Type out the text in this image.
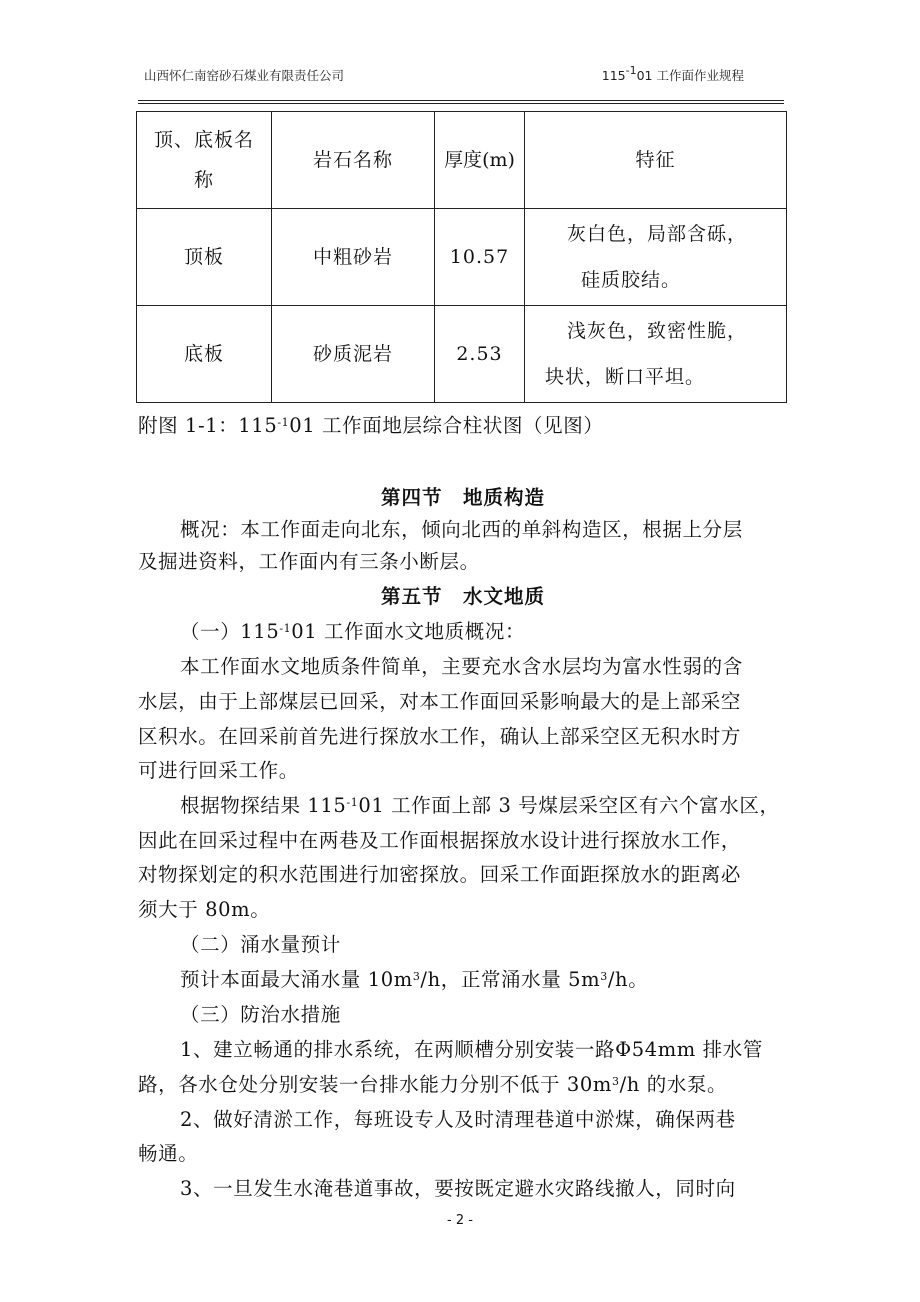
山西怀仁南窑砂石煤业有限责任公司	$115^{-1}01$ 工作面作业规程
顶、底板名
称	岩石名称	厚度(m)	特征
顶板	中粗砂岩	10.57	灰白色，局部含砾，
硅质胶结。
底板	砂质泥岩	2.53	浅灰色，致密性脆，
块状，断口平坦。
附图 1-1：$115^{-1}01$ 工作面地层综合柱状图（见图）
第四节　地质构造
概况：本工作面走向北东，倾向北西的单斜构造区，根据上分层
及掘进资料，工作面内有三条小断层。
第五节　水文地质
（一）$115^{-1}01$ 工作面水文地质概况：
本工作面水文地质条件简单，主要充水含水层均为富水性弱的含
水层，由于上部煤层已回采，对本工作面回采影响最大的是上部采空
区积水。在回采前首先进行探放水工作，确认上部采空区无积水时方
可进行回采工作。
根据物探结果 $115^{-1}01$ 工作面上部 3 号煤层采空区有六个富水区，
因此在回采过程中在两巷及工作面根据探放水设计进行探放水工作，
对物探划定的积水范围进行加密探放。回采工作面距探放水的距离必
须大于 80m。
（二）涌水量预计
预计本面最大涌水量 $10m^3/h$，正常涌水量 $5m^3/h$。
（三）防治水措施
1、建立畅通的排水系统，在两顺槽分别安装一路Φ54mm 排水管
路，各水仓处分别安装一台排水能力分别不低于 $30m^3/h$ 的水泵。
2、做好清淤工作，每班设专人及时清理巷道中淤煤，确保两巷
畅通。
3、一旦发生水淹巷道事故，要按既定避水灾路线撤人，同时向
- 2 -
